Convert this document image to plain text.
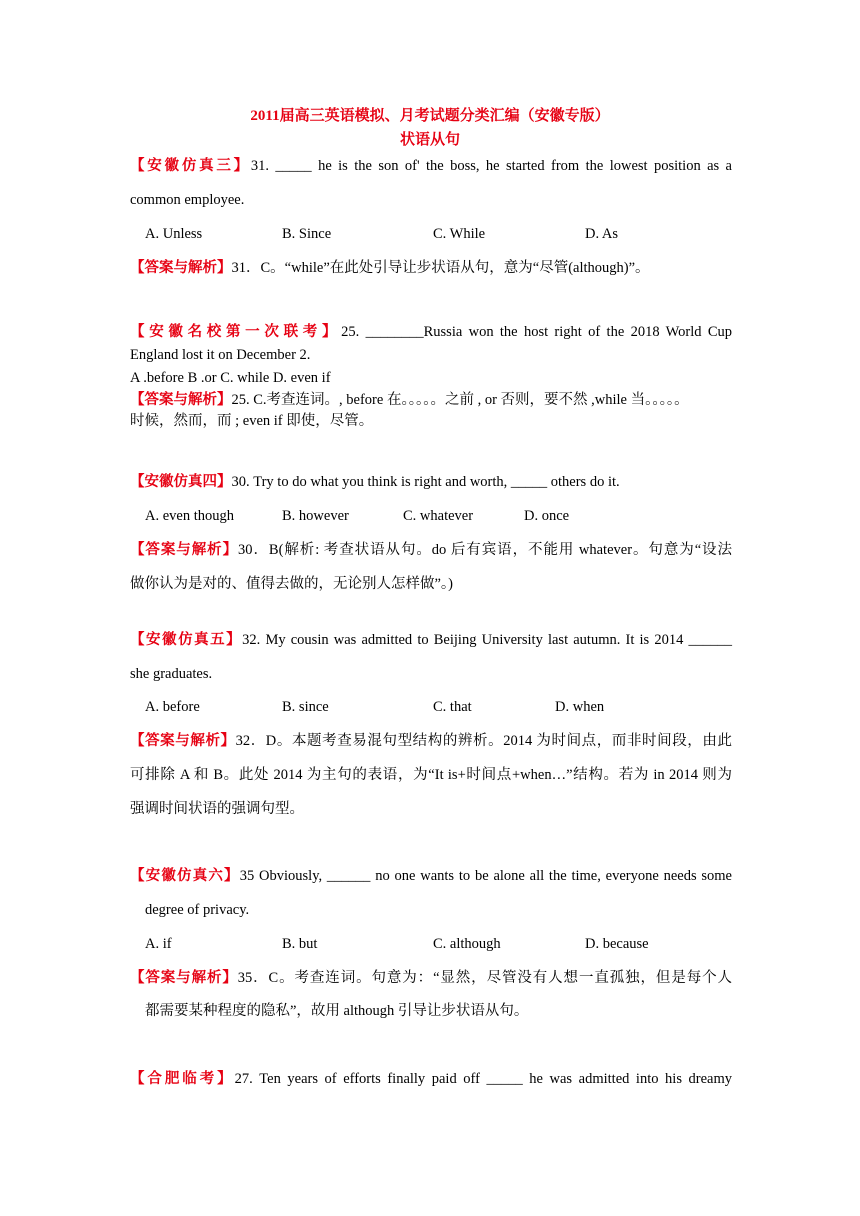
2011届高三英语模拟、月考试题分类汇编（安徽专版）
状语从句
【安徽仿真三】31. _____ he is the son of' the boss, he started from the lowest position as a
common employee.
A. Unless	B. Since	C. While	D. As
【答案与解析】31．C。“while”在此处引导让步状语从句，意为“尽管(although)”。
【安徽名校第一次联考】25. ________Russia won the host right of the 2018 World Cup
England lost it on December 2.
A .before B .or C. while D. even if
【答案与解析】25. C.考查连词。, before 在。。。。。之前 , or 否则，要不然 ,while 当。。。。。
时候，然而，而 ; even if 即使，尽管。
【安徽仿真四】30. Try to do what you think is right and worth, _____ others do it.
A. even though	B. however	C. whatever	D. once
【答案与解析】30．B(解析: 考查状语从句。do 后有宾语，不能用 whatever。句意为“设法
做你认为是对的、值得去做的，无论别人怎样做”。)
【安徽仿真五】32. My cousin was admitted to Beijing University last autumn. It is 2014 ______
she graduates.
A. before	B. since	C. that	D. when
【答案与解析】32．D。本题考查易混句型结构的辨析。2014 为时间点，而非时间段，由此
可排除 A 和 B。此处 2014 为主句的表语，为“It is+时间点+when…”结构。若为 in 2014 则为
强调时间状语的强调句型。
【安徽仿真六】35 Obviously, ______ no one wants to be alone all the time, everyone needs some
degree of privacy.
A. if	B. but	C. although	D. because
【答案与解析】35．C。考查连词。句意为：“显然，尽管没有人想一直孤独，但是每个人
都需要某种程度的隐私”，故用 although 引导让步状语从句。
【合肥临考】27. Ten years of efforts finally paid off _____ he was admitted into his dreamy
